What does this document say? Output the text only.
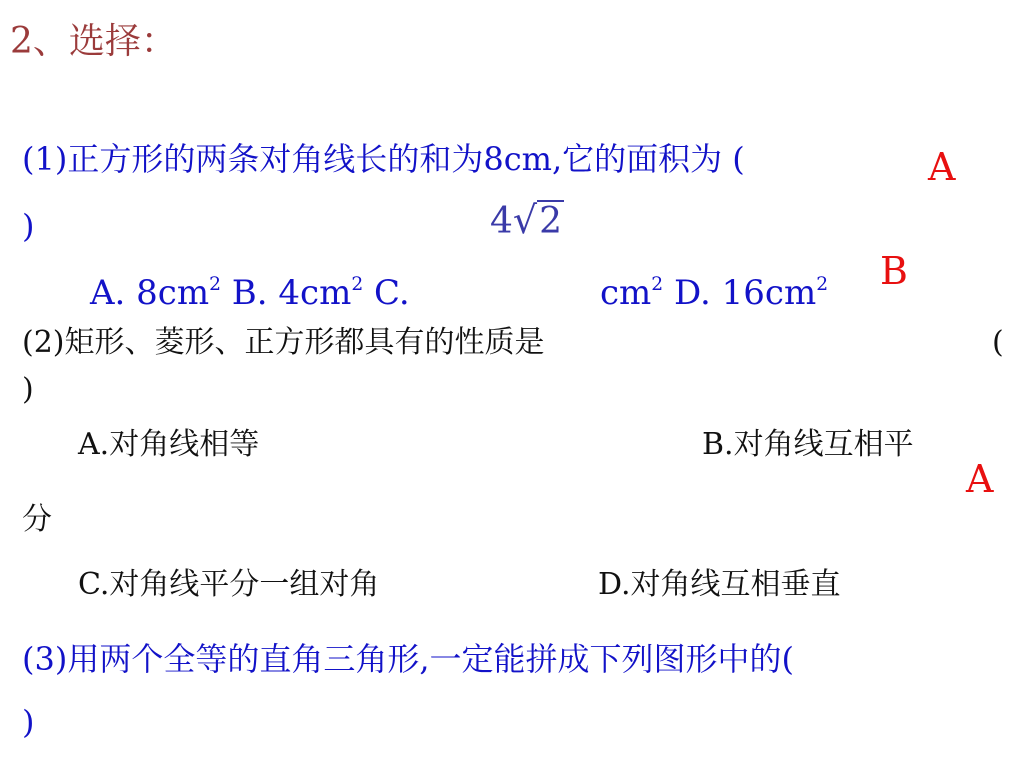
2、选择：
(1)正方形的两条对角线长的和为8cm,它的面积为 (	A
)	4√2
A. $8cm^2$ B. $4cm^2$ C.	$cm^2$ D. $16cm^2$ B
(2)矩形、菱形、正方形都具有的性质是	(
)
A.对角线相等	B.对角线互相平
A
分
C.对角线平分一组对角	D.对角线互相垂直
(3)用两个全等的直角三角形,一定能拼成下列图形中的(
)
